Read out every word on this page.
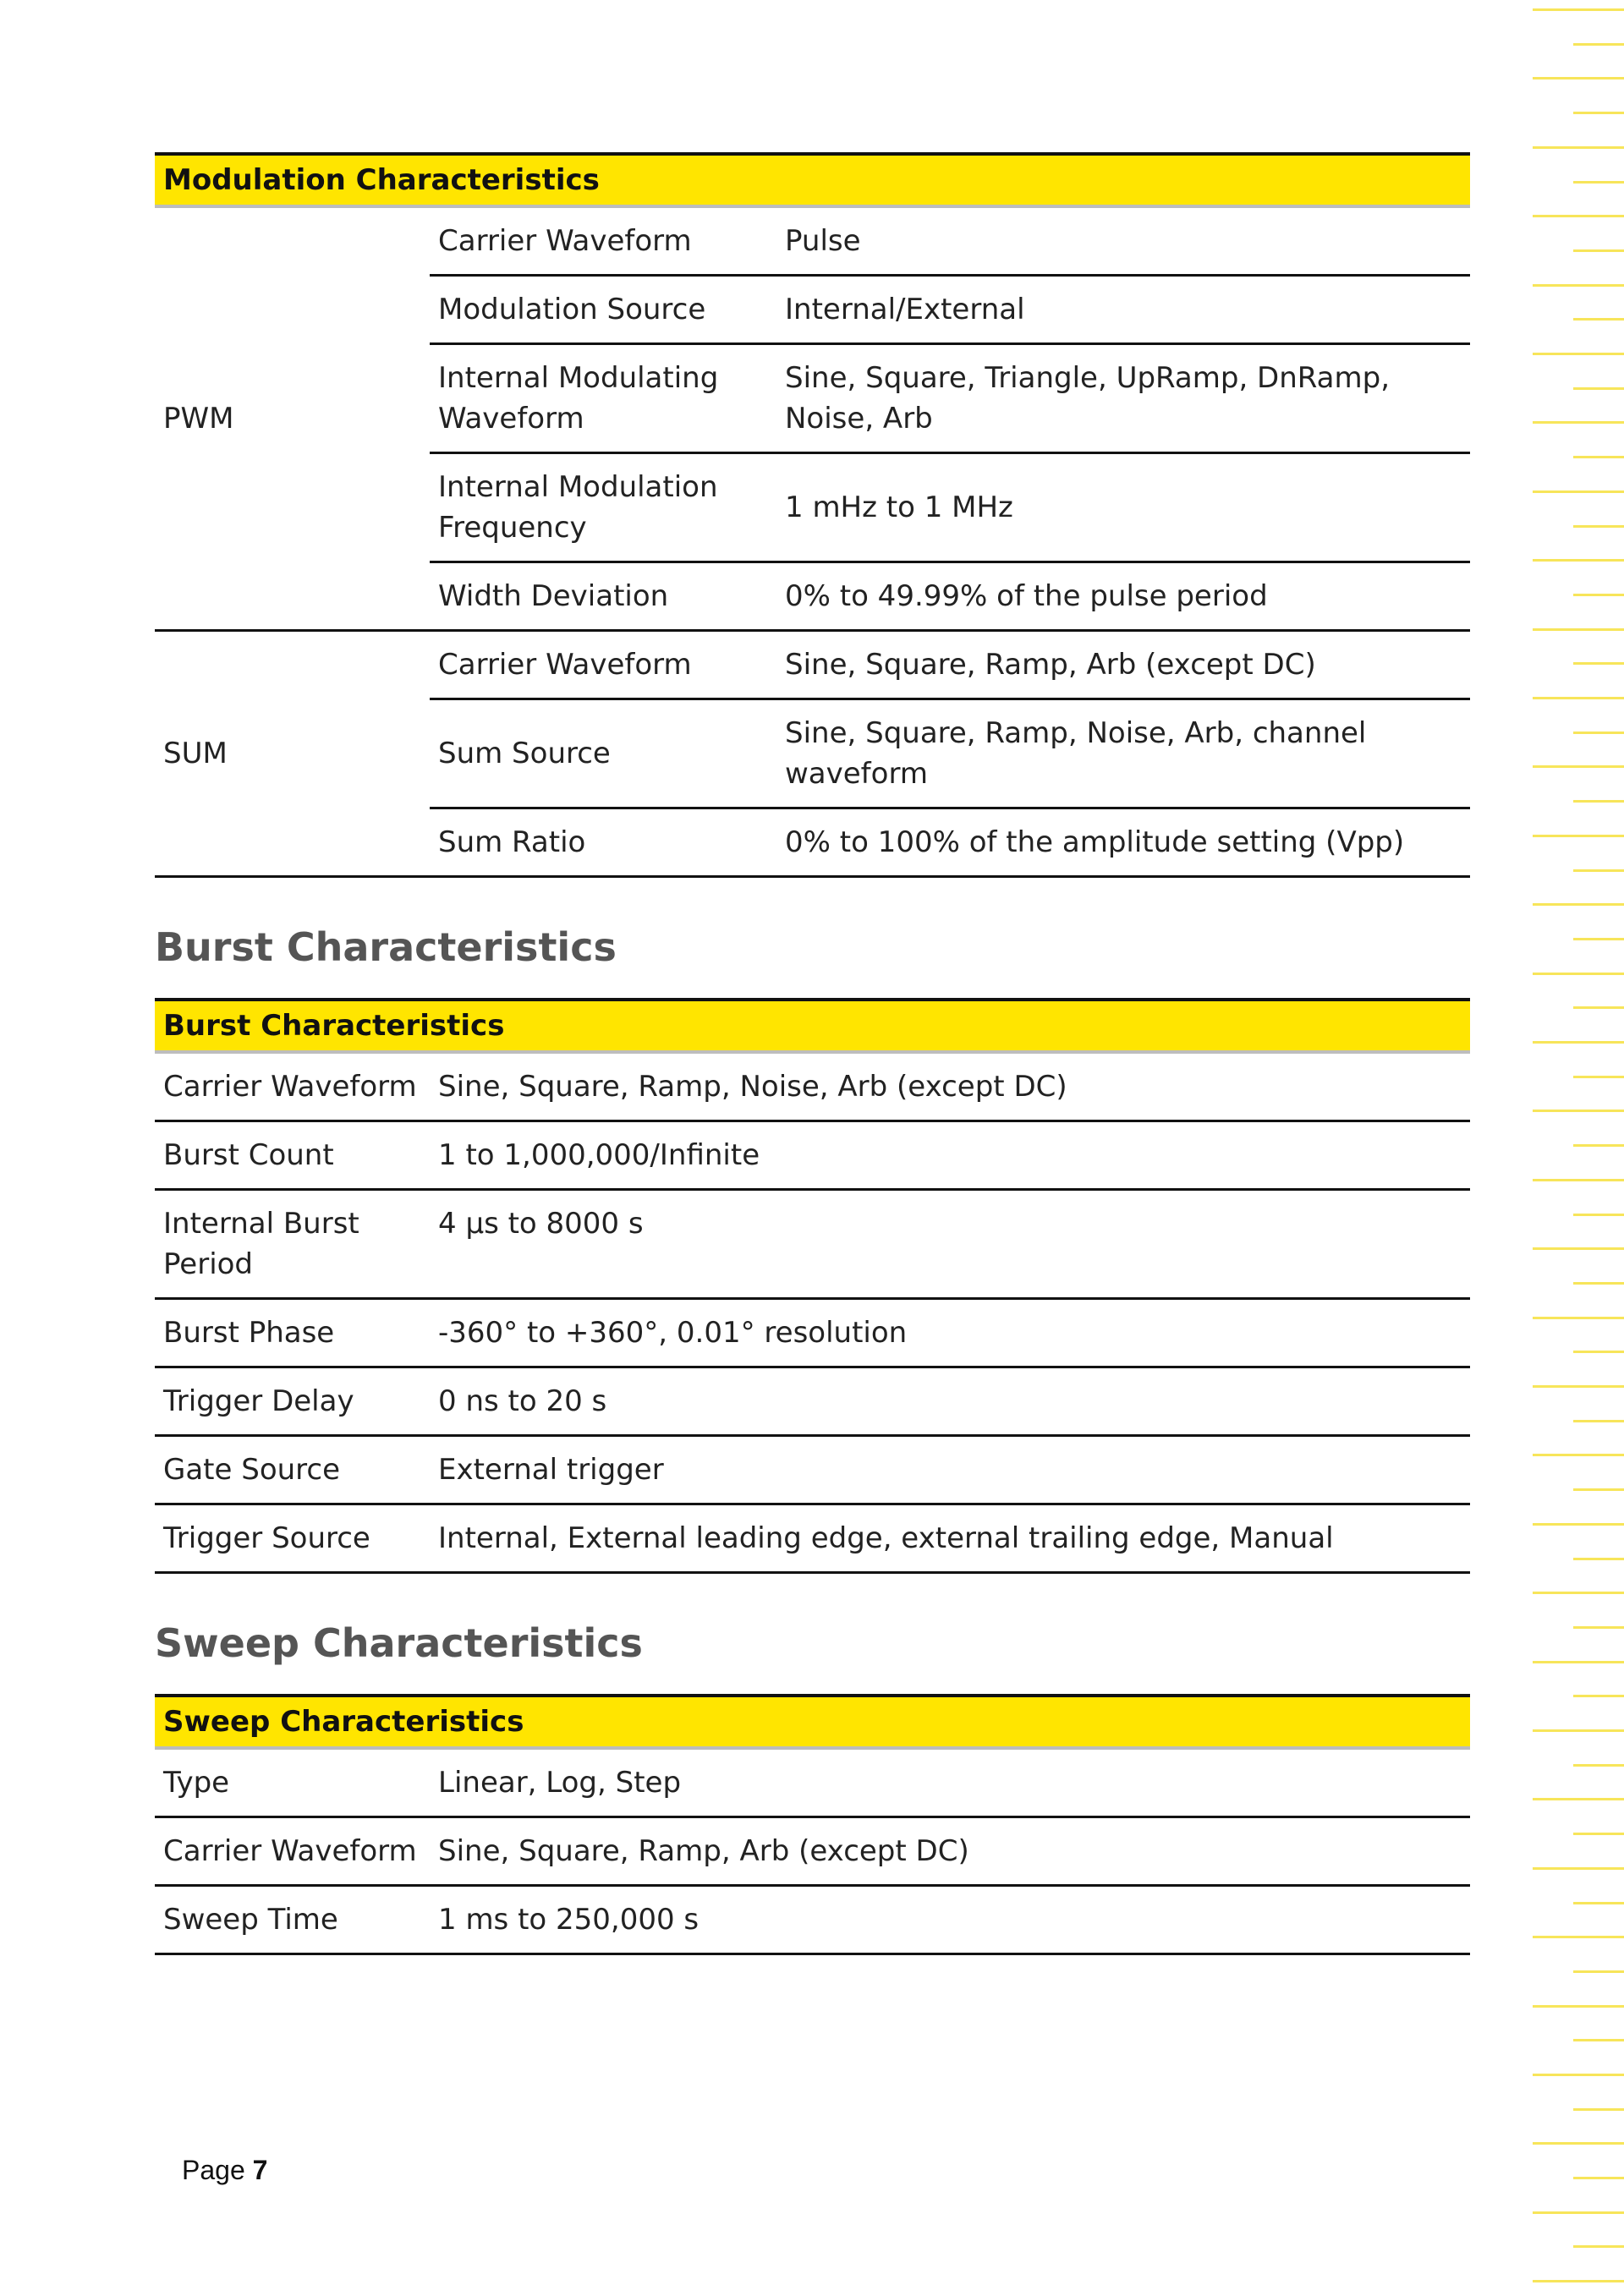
Modulation Characteristics		
PWM	Carrier Waveform	Pulse
	Modulation Source	Internal/External
	Internal Modulating Waveform	Sine, Square, Triangle, UpRamp, DnRamp, Noise, Arb
	Internal Modulation Frequency	1 mHz to 1 MHz
	Width Deviation	0% to 49.99% of the pulse period
SUM	Carrier Waveform	Sine, Square, Ramp, Arb (except DC)
	Sum Source	Sine, Square, Ramp, Noise, Arb, channel waveform
	Sum Ratio	0% to 100% of the amplitude setting (Vpp)
Burst Characteristics
Burst Characteristics	
Carrier Waveform	Sine, Square, Ramp, Noise, Arb (except DC)
Burst Count	1 to 1,000,000/Infinite
Internal Burst Period	4 μs to 8000 s
Burst Phase	-360° to +360°, 0.01° resolution
Trigger Delay	0 ns to 20 s
Gate Source	External trigger
Trigger Source	Internal, External leading edge, external trailing edge, Manual
Sweep Characteristics
Sweep Characteristics	
Type	Linear, Log, Step
Carrier Waveform	Sine, Square, Ramp, Arb (except DC)
Sweep Time	1 ms to 250,000 s
Page 7
